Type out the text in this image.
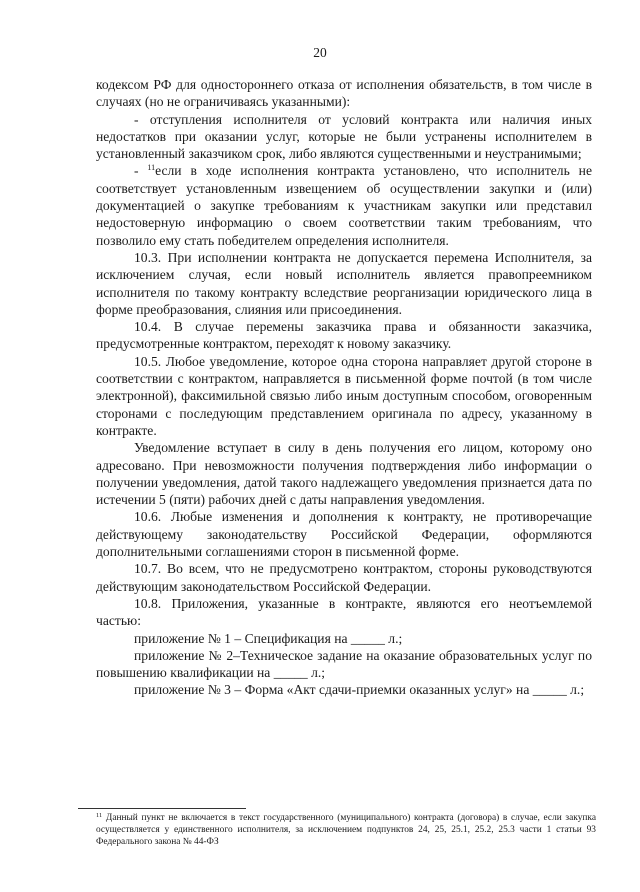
20

кодексом РФ для одностороннего отказа от исполнения обязательств, в том числе в случаях (но не ограничиваясь указанными):

- отступления исполнителя от условий контракта или наличия иных недостатков при оказании услуг, которые не были устранены исполнителем в установленный заказчиком срок, либо являются существенными и неустранимыми;

- $^{11}$если в ходе исполнения контракта установлено, что исполнитель не соответствует установленным извещением об осуществлении закупки и (или) документацией о закупке требованиям к участникам закупки или представил недостоверную информацию о своем соответствии таким требованиям, что позволило ему стать победителем определения исполнителя.

10.3. При исполнении контракта не допускается перемена Исполнителя, за исключением случая, если новый исполнитель является правопреемником исполнителя по такому контракту вследствие реорганизации юридического лица в форме преобразования, слияния или присоединения.

10.4. В случае перемены заказчика права и обязанности заказчика, предусмотренные контрактом, переходят к новому заказчику.

10.5. Любое уведомление, которое одна сторона направляет другой стороне в соответствии с контрактом, направляется в письменной форме почтой (в том числе электронной), факсимильной связью либо иным доступным способом, оговоренным сторонами с последующим представлением оригинала по адресу, указанному в контракте.

Уведомление вступает в силу в день получения его лицом, которому оно адресовано. При невозможности получения подтверждения либо информации о получении уведомления, датой такого надлежащего уведомления признается дата по истечении 5 (пяти) рабочих дней с даты направления уведомления.

10.6. Любые изменения и дополнения к контракту, не противоречащие действующему законодательству Российской Федерации, оформляются дополнительными соглашениями сторон в письменной форме.

10.7. Во всем, что не предусмотрено контрактом, стороны руководствуются действующим законодательством Российской Федерации.

10.8. Приложения, указанные в контракте, являются его неотъемлемой частью:

приложение № 1 – Спецификация на _____ л.;

приложение № 2–Техническое задание на оказание образовательных услуг по повышению квалификации на _____ л.;

приложение № 3 – Форма «Акт сдачи-приемки оказанных услуг» на _____ л.;

$^{11}$ Данный пункт не включается в текст государственного (муниципального) контракта (договора) в случае, если закупка осуществляется у единственного исполнителя, за исключением подпунктов 24, 25, 25.1, 25.2, 25.3 части 1 статьи 93 Федерального закона № 44-ФЗ
